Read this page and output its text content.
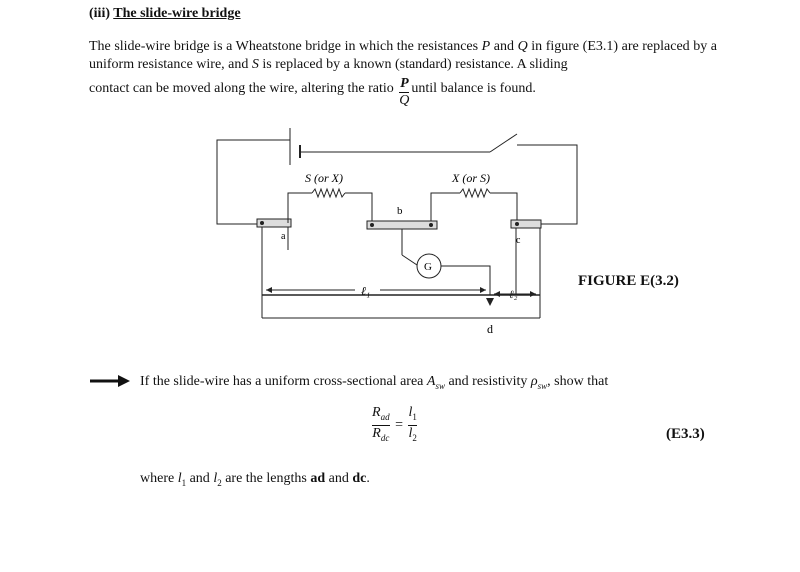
(iii) The slide-wire bridge

The slide-wire bridge is a Wheatstone bridge in which the resistances P and Q in figure (E3.1) are replaced by a uniform resistance wire, and S is replaced by a known (standard) resistance. A sliding

contact can be moved along the wire, altering the ratio $\frac{P}{Q}$ until balance is found.
S (or X)	X (or S)
a
b
c
d
G
ℓ₁	ℓ₂
FIGURE E(3.2)
If the slide-wire has a uniform cross-sectional area $A_{sw}$ and resistivity $\rho_{sw}$, show that
$\frac{R_{ad}}{R_{dc}} = \frac{l_1}{l_2}$	(E3.3)
where $l_1$ and $l_2$ are the lengths ad and dc.
